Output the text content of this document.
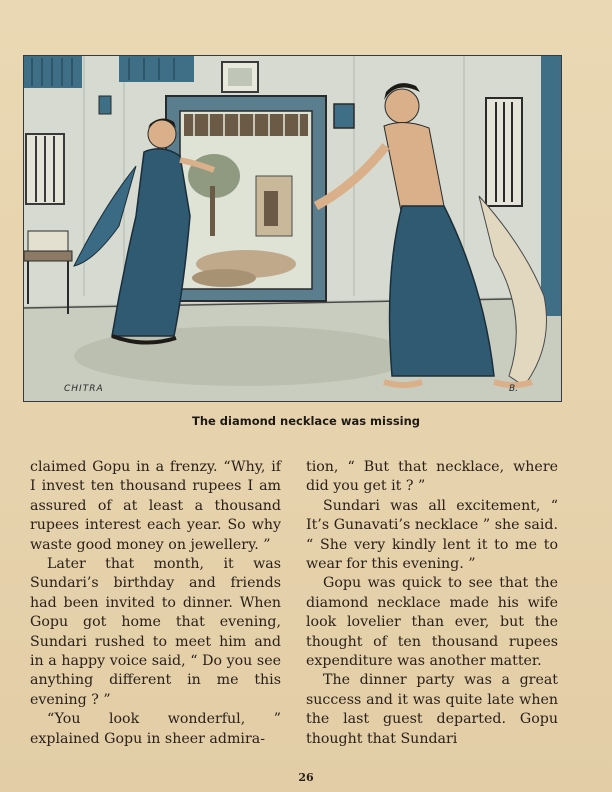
CHITRA	B.
The diamond necklace was missing

claimed Gopu in a frenzy. “Why, if I invest ten thousand rupees I am assured of at least a thousand rupees interest each year. So why waste good money on jewellery. ”

Later that month, it was Sundari’s birthday and friends had been invited to dinner. When Gopu got home that evening, Sundari rushed to meet him and in a happy voice said, “ Do you see anything different in me this evening ? ”

“You look wonderful, ” explained Gopu in sheer admira-

tion, “ But that necklace, where did you get it ? ”

Sundari was all excitement, “ It’s Gunavati’s necklace ” she said. “ She very kindly lent it to me to wear for this evening. ”

Gopu was quick to see that the diamond necklace made his wife look lovelier than ever, but the thought of ten thousand rupees expenditure was another matter.

The dinner party was a great success and it was quite late when the last guest departed. Gopu thought that Sundari

26
